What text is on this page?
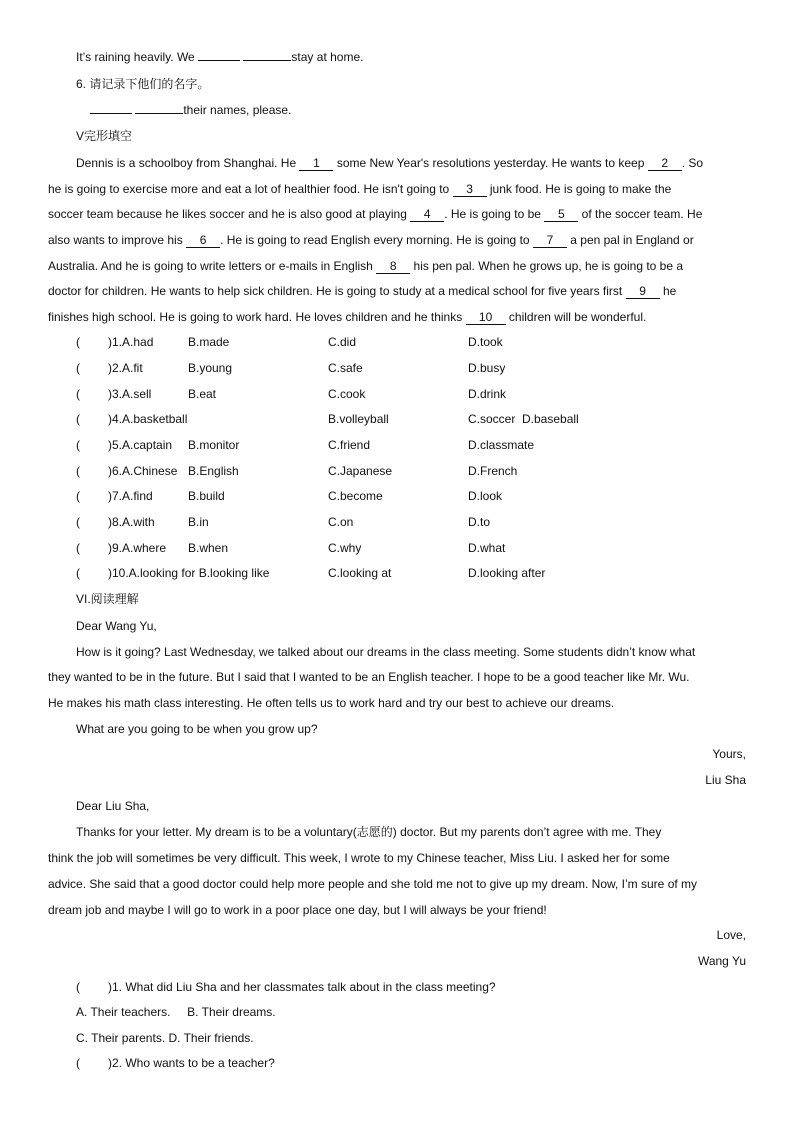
It’s raining heavily. We	stay at home.
6. 请记录下他们的名字。
their names, please.
V完形填空
Dennis is a schoolboy from Shanghai. He 1 some New Year's resolutions yesterday. He wants to keep 2 . So
he is going to exercise more and eat a lot of healthier food. He isn't going to 3 junk food. He is going to make the
soccer team because he likes soccer and he is also good at playing 4 . He is going to be 5 of the soccer team. He
also wants to improve his 6 . He is going to read English every morning. He is going to 7 a pen pal in England or
Australia. And he is going to write letters or e-mails in English 8 his pen pal. When he grows up, he is going to be a
doctor for children. He wants to help sick children. He is going to study at a medical school for five years first 9 he
finishes high school. He is going to work hard. He loves children and he thinks 10 children will be wonderful.
( )1.A.had	B.made	C.did	D.took
( )2.A.fit	B.young	C.safe	D.busy
( )3.A.sell	B.eat	C.cook	D.drink
( )4.A.basketball	B.volleyball	C.soccer  D.baseball
( )5.A.captain B.monitor	C.friend	D.classmate
( )6.A.Chinese B.English	C.Japanese	D.French
( )7.A.find	B.build	C.become	D.look
( )8.A.with	B.in	C.on	D.to
( )9.A.where B.when	C.why	D.what
( )10.A.looking for B.looking like	C.looking at	D.looking after
VI.阅读理解
Dear Wang Yu,
How is it going? Last Wednesday, we talked about our dreams in the class meeting. Some students didn’t know what
they wanted to be in the future. But I said that I wanted to be an English teacher. I hope to be a good teacher like Mr. Wu.
He makes his math class interesting. He often tells us to work hard and try our best to achieve our dreams.
What are you going to be when you grow up?
Yours,
Liu Sha
Dear Liu Sha,
Thanks for your letter. My dream is to be a voluntary(志愿的) doctor. But my parents don’t agree with me. They
think the job will sometimes be very difficult. This week, I wrote to my Chinese teacher, Miss Liu. I asked her for some
advice. She said that a good doctor could help more people and she told me not to give up my dream. Now, I’m sure of my
dream job and maybe I will go to work in a poor place one day, but I will always be your friend!
Love,
Wang Yu
( )1. What did Liu Sha and her classmates talk about in the class meeting?
A. Their teachers.     B. Their dreams.
C. Their parents. D. Their friends.
( )2. Who wants to be a teacher?
